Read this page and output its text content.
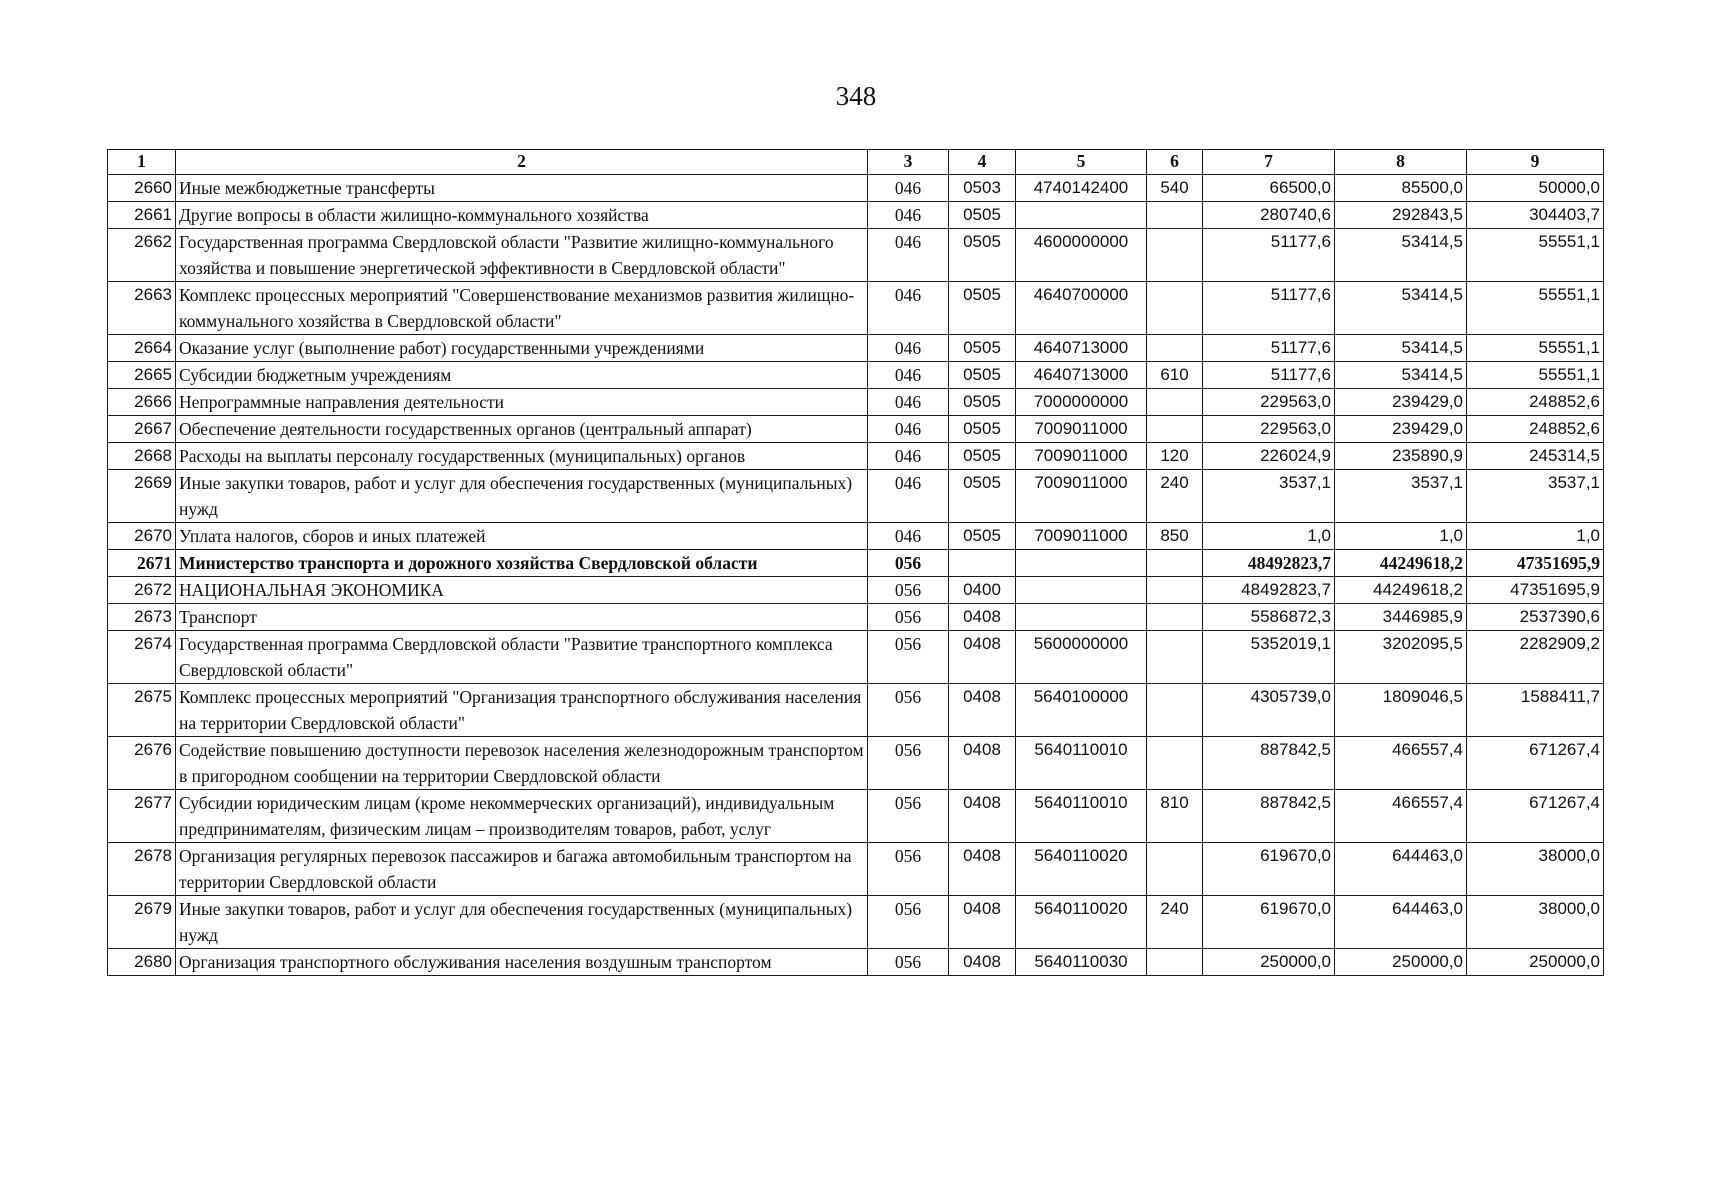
348
1	2	3	4	5	6	7	8	9
2660	Иные межбюджетные трансферты	046	0503	4740142400	540	66500,0	85500,0	50000,0
2661	Другие вопросы в области жилищно-коммунального хозяйства	046	0505			280740,6	292843,5	304403,7
2662	Государственная программа Свердловской области "Развитие жилищно-коммунального хозяйства и повышение энергетической эффективности в Свердловской области"	046	0505	4600000000		51177,6	53414,5	55551,1
2663	Комплекс процессных мероприятий "Совершенствование механизмов развития жилищно-коммунального хозяйства в Свердловской области"	046	0505	4640700000		51177,6	53414,5	55551,1
2664	Оказание услуг (выполнение работ) государственными учреждениями	046	0505	4640713000		51177,6	53414,5	55551,1
2665	Субсидии бюджетным учреждениям	046	0505	4640713000	610	51177,6	53414,5	55551,1
2666	Непрограммные направления деятельности	046	0505	7000000000		229563,0	239429,0	248852,6
2667	Обеспечение деятельности государственных органов (центральный аппарат)	046	0505	7009011000		229563,0	239429,0	248852,6
2668	Расходы на выплаты персоналу государственных (муниципальных) органов	046	0505	7009011000	120	226024,9	235890,9	245314,5
2669	Иные закупки товаров, работ и услуг для обеспечения государственных (муниципальных) нужд	046	0505	7009011000	240	3537,1	3537,1	3537,1
2670	Уплата налогов, сборов и иных платежей	046	0505	7009011000	850	1,0	1,0	1,0
2671	Министерство транспорта и дорожного хозяйства Свердловской области	056				48492823,7	44249618,2	47351695,9
2672	НАЦИОНАЛЬНАЯ ЭКОНОМИКА	056	0400			48492823,7	44249618,2	47351695,9
2673	Транспорт	056	0408			5586872,3	3446985,9	2537390,6
2674	Государственная программа Свердловской области "Развитие транспортного комплекса Свердловской области"	056	0408	5600000000		5352019,1	3202095,5	2282909,2
2675	Комплекс процессных мероприятий "Организация транспортного обслуживания населения на территории Свердловской области"	056	0408	5640100000		4305739,0	1809046,5	1588411,7
2676	Содействие повышению доступности перевозок населения железнодорожным транспортом в пригородном сообщении на территории Свердловской области	056	0408	5640110010		887842,5	466557,4	671267,4
2677	Субсидии юридическим лицам (кроме некоммерческих организаций), индивидуальным предпринимателям, физическим лицам – производителям товаров, работ, услуг	056	0408	5640110010	810	887842,5	466557,4	671267,4
2678	Организация регулярных перевозок пассажиров и багажа автомобильным транспортом на территории Свердловской области	056	0408	5640110020		619670,0	644463,0	38000,0
2679	Иные закупки товаров, работ и услуг для обеспечения государственных (муниципальных) нужд	056	0408	5640110020	240	619670,0	644463,0	38000,0
2680	Организация транспортного обслуживания населения воздушным транспортом	056	0408	5640110030		250000,0	250000,0	250000,0
